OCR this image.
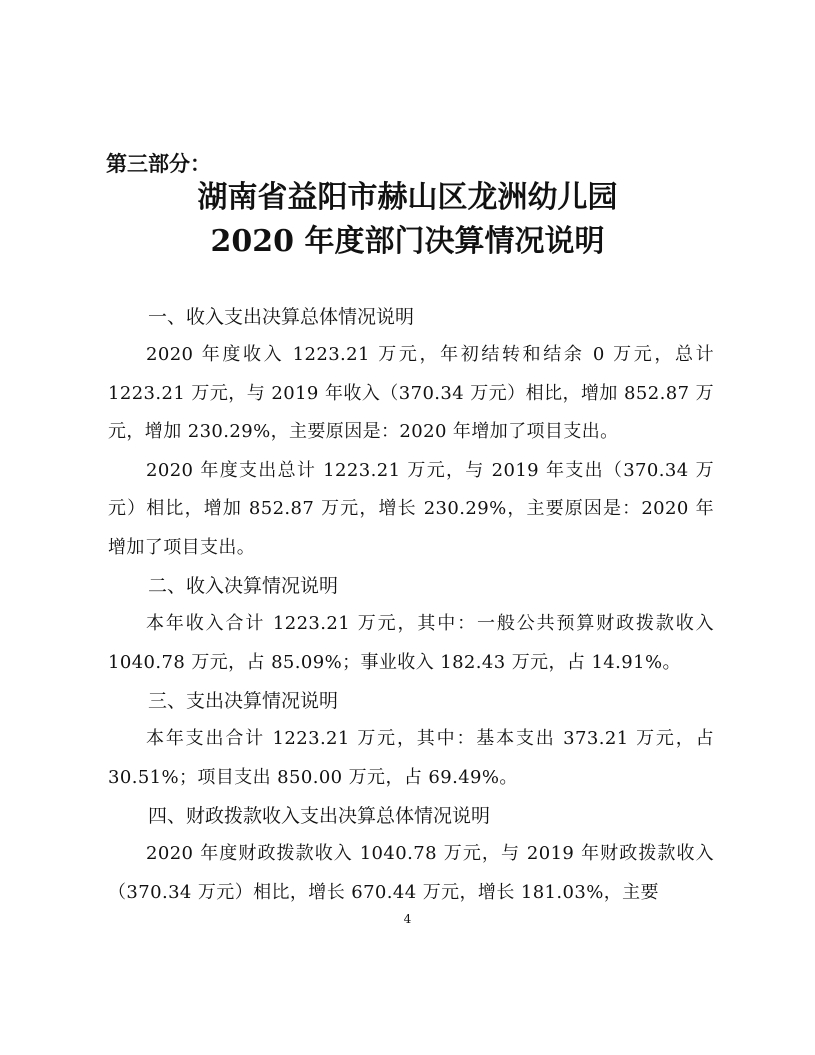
第三部分：
湖南省益阳市赫山区龙洲幼儿园
2020 年度部门决算情况说明

一、收入支出决算总体情况说明

2020 年度收入 1223.21 万元，年初结转和结余 0 万元，总计 1223.21 万元，与 2019 年收入（370.34 万元）相比，增加 852.87 万元，增加 230.29%，主要原因是：2020 年增加了项目支出。

2020 年度支出总计 1223.21 万元，与 2019 年支出（370.34 万元）相比，增加 852.87 万元，增长 230.29%，主要原因是：2020 年增加了项目支出。

二、收入决算情况说明

本年收入合计 1223.21 万元，其中：一般公共预算财政拨款收入 1040.78 万元，占 85.09%；事业收入 182.43 万元，占 14.91%。

三、支出决算情况说明

本年支出合计 1223.21 万元，其中：基本支出 373.21 万元，占 30.51%；项目支出 850.00 万元，占 69.49%。

四、财政拨款收入支出决算总体情况说明

2020 年度财政拨款收入 1040.78 万元，与 2019 年财政拨款收入（370.34 万元）相比，增长 670.44 万元，增长 181.03%，主要

4
